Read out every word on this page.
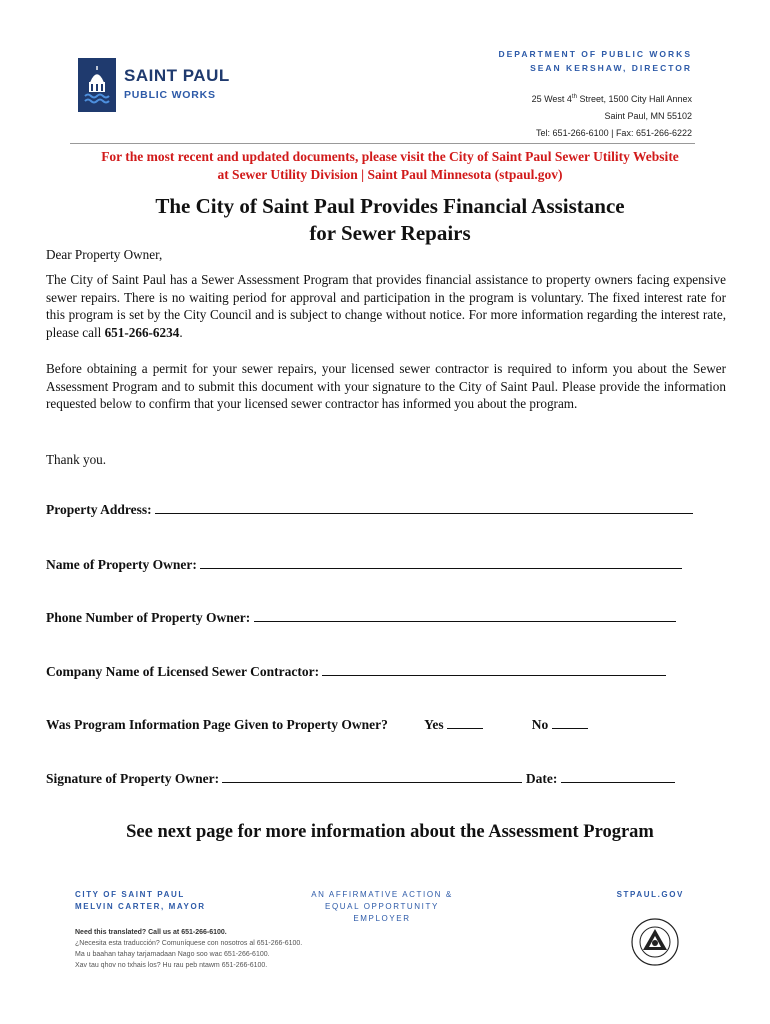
SAINT PAUL
PUBLIC WORKS
DEPARTMENT OF PUBLIC WORKS
SEAN KERSHAW, DIRECTOR
25 West 4th Street, 1500 City Hall Annex
Saint Paul, MN 55102
Tel: 651-266-6100 | Fax: 651-266-6222
For the most recent and updated documents, please visit the City of Saint Paul Sewer Utility Website
at Sewer Utility Division | Saint Paul Minnesota (stpaul.gov)
The City of Saint Paul Provides Financial Assistance
for Sewer Repairs
Dear Property Owner,
The City of Saint Paul has a Sewer Assessment Program that provides financial assistance to property owners facing expensive sewer repairs. There is no waiting period for approval and participation in the program is voluntary. The fixed interest rate for this program is set by the City Council and is subject to change without notice. For more information regarding the interest rate, please call 651-266-6234.
Before obtaining a permit for your sewer repairs, your licensed sewer contractor is required to inform you about the Sewer Assessment Program and to submit this document with your signature to the City of Saint Paul. Please provide the information requested below to confirm that your licensed sewer contractor has informed you about the program.
Thank you.
Property Address:
Name of Property Owner:
Phone Number of Property Owner:
Company Name of Licensed Sewer Contractor:
Was Program Information Page Given to Property Owner?	Yes	No
Signature of Property Owner:	Date:
See next page for more information about the Assessment Program
CITY OF SAINT PAUL
MELVIN CARTER, MAYOR
AN AFFIRMATIVE ACTION &
EQUAL OPPORTUNITY EMPLOYER
STPAUL.GOV
Need this translated? Call us at 651-266-6100.
¿Necesita esta traducción? Comuníquese con nosotros al 651-266-6100.
Ma u baahan tahay tarjamadaan Nago soo wac 651-266-6100.
Xav tau qhov no txhais los? Hu rau peb ntawm 651-266-6100.
